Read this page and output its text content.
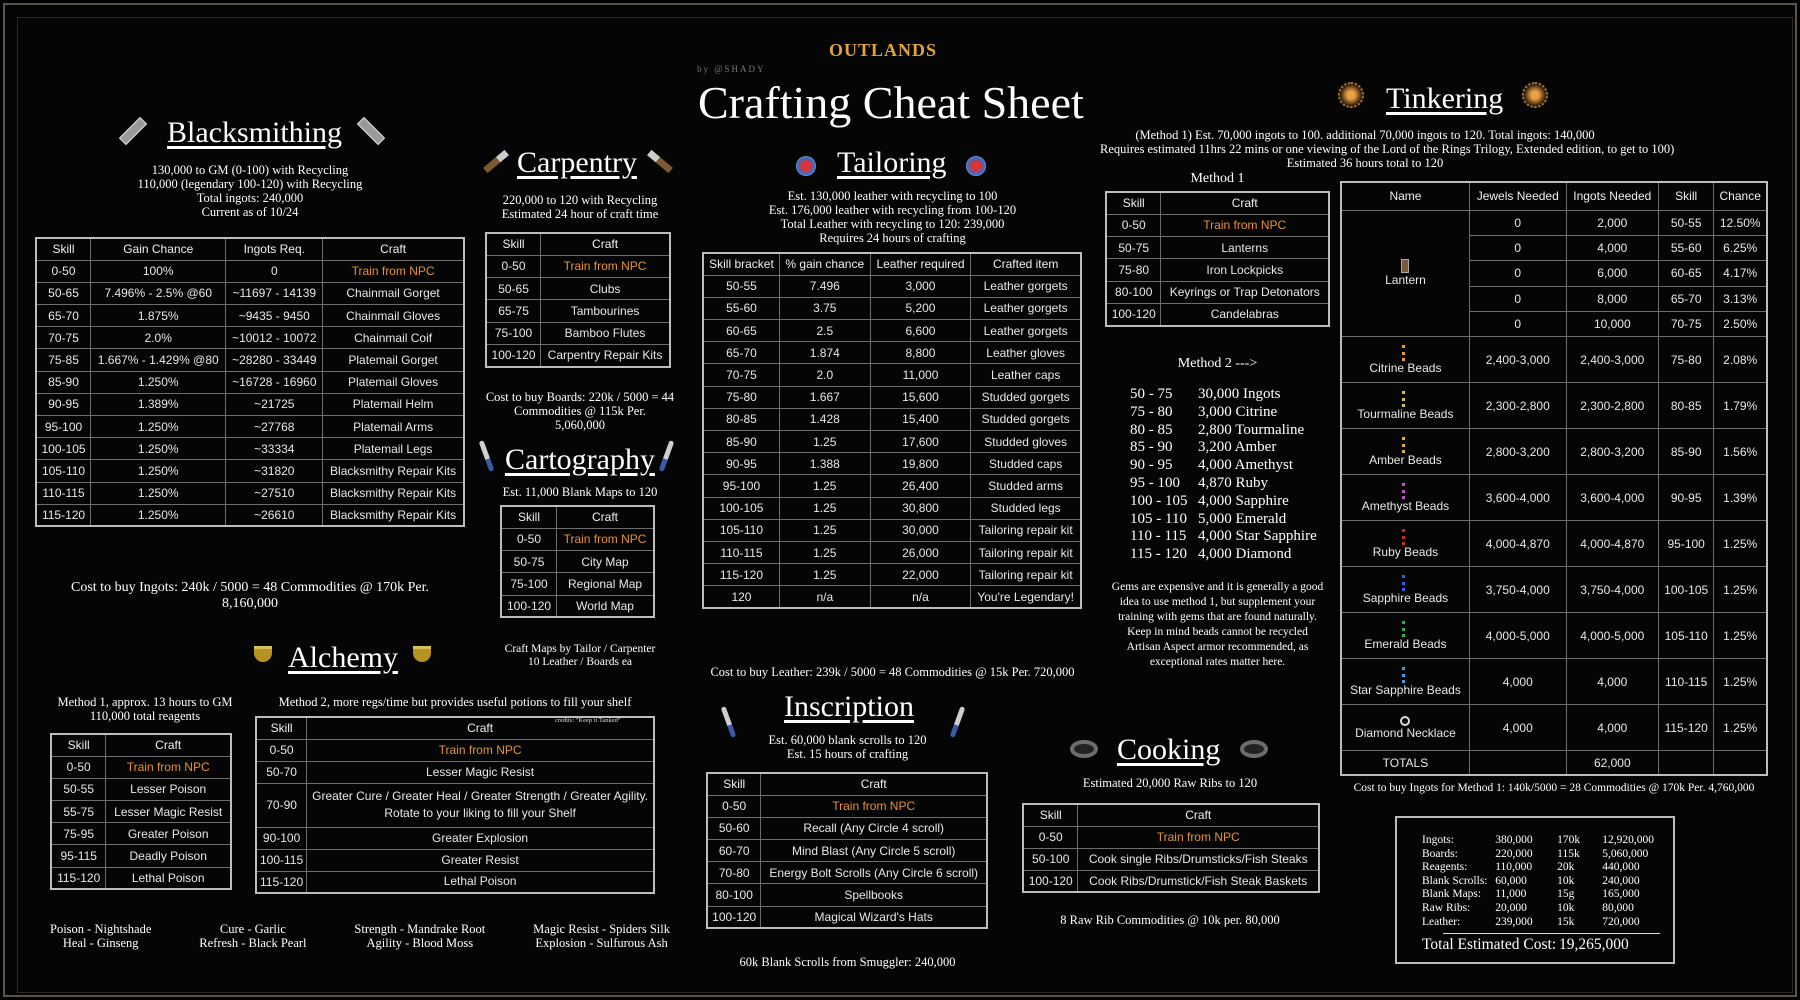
OUTLANDS
by @SHADY
Crafting Cheat Sheet
Blacksmithing
130,000 to GM (0-100) with Recycling
110,000 (legendary 100-120) with Recycling
Total ingots: 240,000
Current as of 10/24
Skill	Gain Chance	Ingots Req.	Craft
0-50	100%	0	Train from NPC
50-65	7.496% - 2.5% @60	~11697 - 14139	Chainmail Gorget
65-70	1.875%	~9435 - 9450	Chainmail Gloves
70-75	2.0%	~10012 - 10072	Chainmail Coif
75-85	1.667% - 1.429% @80	~28280 - 33449	Platemail Gorget
85-90	1.250%	~16728 - 16960	Platemail Gloves
90-95	1.389%	~21725	Platemail Helm
95-100	1.250%	~27768	Platemail Arms
100-105	1.250%	~33334	Platemail Legs
105-110	1.250%	~31820	Blacksmithy Repair Kits
110-115	1.250%	~27510	Blacksmithy Repair Kits
115-120	1.250%	~26610	Blacksmithy Repair Kits
Cost to buy Ingots: 240k / 5000 = 48 Commodities @ 170k Per.
8,160,000
Carpentry
220,000 to 120 with Recycling
Estimated 24 hour of craft time
Skill	Craft
0-50	Train from NPC
50-65	Clubs
65-75	Tambourines
75-100	Bamboo Flutes
100-120	Carpentry Repair Kits
Cost to buy Boards: 220k / 5000 = 44
Commodities @ 115k Per.
5,060,000
Cartography
Est. 11,000 Blank Maps to 120
Skill	Craft
0-50	Train from NPC
50-75	City Map
75-100	Regional Map
100-120	World Map
Craft Maps by Tailor / Carpenter
10 Leather / Boards ea
Alchemy
Method 1, approx. 13 hours to GM
110,000 total reagents
Skill	Craft
0-50	Train from NPC
50-55	Lesser Poison
55-75	Lesser Magic Resist
75-95	Greater Poison
95-115	Deadly Poison
115-120	Lethal Poison
Method 2, more regs/time but provides useful potions to fill your shelf
Skill	Craft
0-50	Train from NPC

50-70	Lesser Magic Resist

70-90	Greater Cure / Greater Heal / Greater Strength / Greater Agility.
Rotate to your liking to fill your Shelf

90-100	Greater Explosion

100-115	Greater Resist

115-120	Lethal Poison
credits: "Keep it Tanked"
Poison - Nightshade
Heal - Ginseng
Cure - Garlic
Refresh - Black Pearl
Strength - Mandrake Root
Agility - Blood Moss
Magic Resist - Spiders Silk
Explosion - Sulfurous Ash
Tailoring
Est. 130,000 leather with recycling to 100
Est. 176,000 leather with recycling from 100-120
Total Leather with recycling to 120: 239,000
Requires 24 hours of crafting
Skill bracket	% gain chance	Leather required	Crafted item
50-55	7.496	3,000	Leather gorgets
55-60	3.75	5,200	Leather gorgets
60-65	2.5	6,600	Leather gorgets
65-70	1.874	8,800	Leather gloves
70-75	2.0	11,000	Leather caps
75-80	1.667	15,600	Studded gorgets
80-85	1.428	15,400	Studded gorgets
85-90	1.25	17,600	Studded gloves
90-95	1.388	19,800	Studded caps
95-100	1.25	26,400	Studded arms
100-105	1.25	30,800	Studded legs
105-110	1.25	30,000	Tailoring repair kit
110-115	1.25	26,000	Tailoring repair kit
115-120	1.25	22,000	Tailoring repair kit
120	n/a	n/a	You're Legendary!
Cost to buy Leather: 239k / 5000 = 48 Commodities @ 15k Per. 720,000
Inscription
Est. 60,000 blank scrolls to 120
Est. 15 hours of crafting
Skill	Craft
0-50	Train from NPC
50-60	Recall (Any Circle 4 scroll)
60-70	Mind Blast (Any Circle 5 scroll)
70-80	Energy Bolt Scrolls (Any Circle 6 scroll)
80-100	Spellbooks
100-120	Magical Wizard's Hats
60k Blank Scrolls from Smuggler: 240,000
Tinkering
(Method 1) Est. 70,000 ingots to 100. additional 70,000 ingots to 120. Total ingots: 140,000
Requires estimated 11hrs 22 mins or one viewing of the Lord of the Rings Trilogy, Extended edition, to get to 100)
Estimated 36 hours total to 120
Method 1
Skill	Craft
0-50	Train from NPC
50-75	Lanterns
75-80	Iron Lockpicks
80-100	Keyrings or Trap Detonators
100-120	Candelabras
Method 2 --->
50 - 75 30,000 Ingots
75 - 80 3,000 Citrine
80 - 85 2,800 Tourmaline
85 - 90 3,200 Amber
90 - 95 4,000 Amethyst
95 - 100 4,870 Ruby
100 - 105 4,000 Sapphire
105 - 110 5,000 Emerald
110 - 115 4,000 Star Sapphire
115 - 120 4,000 Diamond
Gems are expensive and it is generally a good
idea to use method 1, but supplement your
training with gems that are found naturally.
Keep in mind beads cannot be recycled
Artisan Aspect armor recommended, as
exceptional rates matter here.
Name	Jewels Needed	Ingots Needed	Skill	Chance

Lantern	0	2,000	50-55	12.50%
	0	4,000	55-60	6.25%
	0	6,000	60-65	4.17%
	0	8,000	65-70	3.13%
	0	10,000	70-75	2.50%

Citrine Beads	2,400-3,000	2,400-3,000	75-80	2.08%

Tourmaline Beads	2,300-2,800	2,300-2,800	80-85	1.79%

Amber Beads	2,800-3,200	2,800-3,200	85-90	1.56%

Amethyst Beads	3,600-4,000	3,600-4,000	90-95	1.39%

Ruby Beads	4,000-4,870	4,000-4,870	95-100	1.25%

Sapphire Beads	3,750-4,000	3,750-4,000	100-105	1.25%

Emerald Beads	4,000-5,000	4,000-5,000	105-110	1.25%

Star Sapphire Beads	4,000	4,000	110-115	1.25%

Diamond Necklace	4,000	4,000	115-120	1.25%
TOTALS		62,000		
Cost to buy Ingots for Method 1: 140k/5000 = 28 Commodities @ 170k Per. 4,760,000
Cooking
Estimated 20,000 Raw Ribs to 120
Skill	Craft
0-50	Train from NPC
50-100	Cook single Ribs/Drumsticks/Fish Steaks
100-120	Cook Ribs/Drumstick/Fish Steak Baskets
8 Raw Rib Commodities @ 10k per. 80,000
Ingots:	380,000	170k	12,920,000
Boards:	220,000	115k	5,060,000
Reagents:	110,000	20k	440,000
Blank Scrolls:	60,000	10k	240,000
Blank Maps:	11,000	15g	165,000
Raw Ribs:	20,000	10k	80,000
Leather:	239,000	15k	720,000
Total Estimated Cost: 19,265,000
